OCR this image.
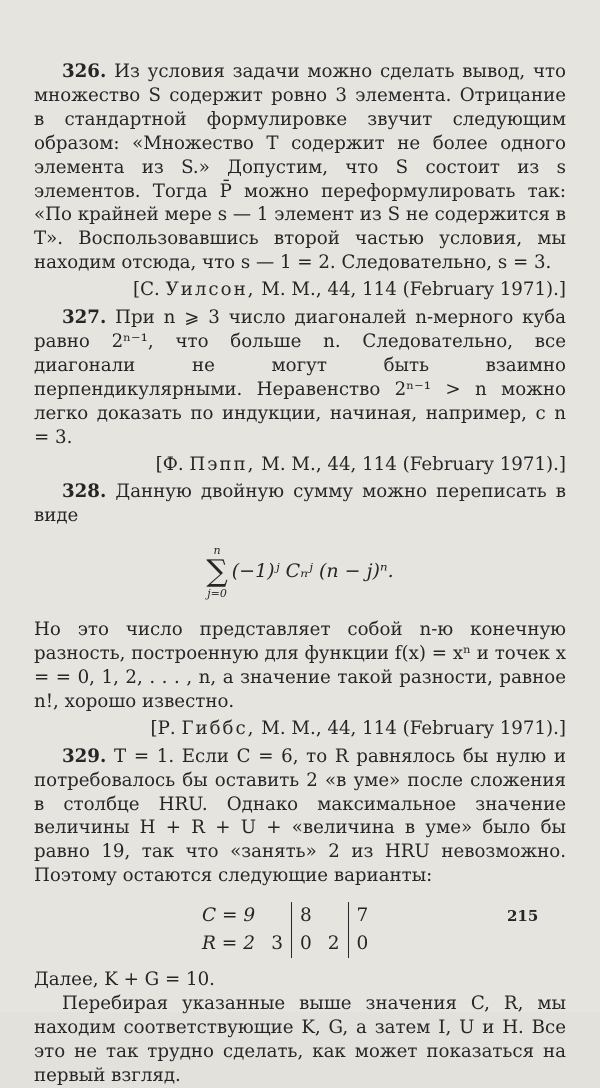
326. Из условия задачи можно сделать вывод, что множество S содержит ровно 3 элемента. Отрицание в стандартной формулировке звучит следующим образом: «Множество T содержит не более одного элемента из S.» Допустим, что S состоит из s элементов. Тогда P̄ можно переформулировать так: «По крайней мере s — 1 элемент из S не содержится в T». Воспользовавшись второй частью условия, мы находим отсюда, что s — 1 = 2. Следовательно, s = 3.

[С. Уилсон, M. M., 44, 114 (February 1971).]

327. При n ⩾ 3 число диагоналей n-мерного куба равно 2ⁿ⁻¹, что больше n. Следовательно, все диагонали не могут быть взаимно перпендикулярными. Неравенство 2ⁿ⁻¹ > n можно легко доказать по индукции, начиная, например, с n = 3.

[Ф. Пэпп, M. M., 44, 114 (February 1971).]

328. Данную двойную сумму можно переписать в виде

n
∑
j=0
(−1)ʲ Cₙʲ (n − j)ⁿ.

Но это число представляет собой n-ю конечную разность, построенную для функции f(x) = xⁿ и точек x = = 0, 1, 2, . . . , n, а значение такой разности, равное n!, хорошо известно.

[Р. Гиббс, M. M., 44, 114 (February 1971).]

329. T = 1. Если C = 6, то R равнялось бы нулю и потребовалось бы оставить 2 «в уме» после сложения в столбце HRU. Однако максимальное значение величины H + R + U + «величина в уме» было бы равно 19, так что «занять» 2 из HRU невозможно. Поэтому остаются следующие варианты:

C = 9		8		7
R = 2	3	0	2	0

Далее, K + G = 10.

Перебирая указанные выше значения C, R, мы находим соответствующие K, G, а затем I, U и H. Все это не так трудно сделать, как может показаться на первый взгляд.

215
